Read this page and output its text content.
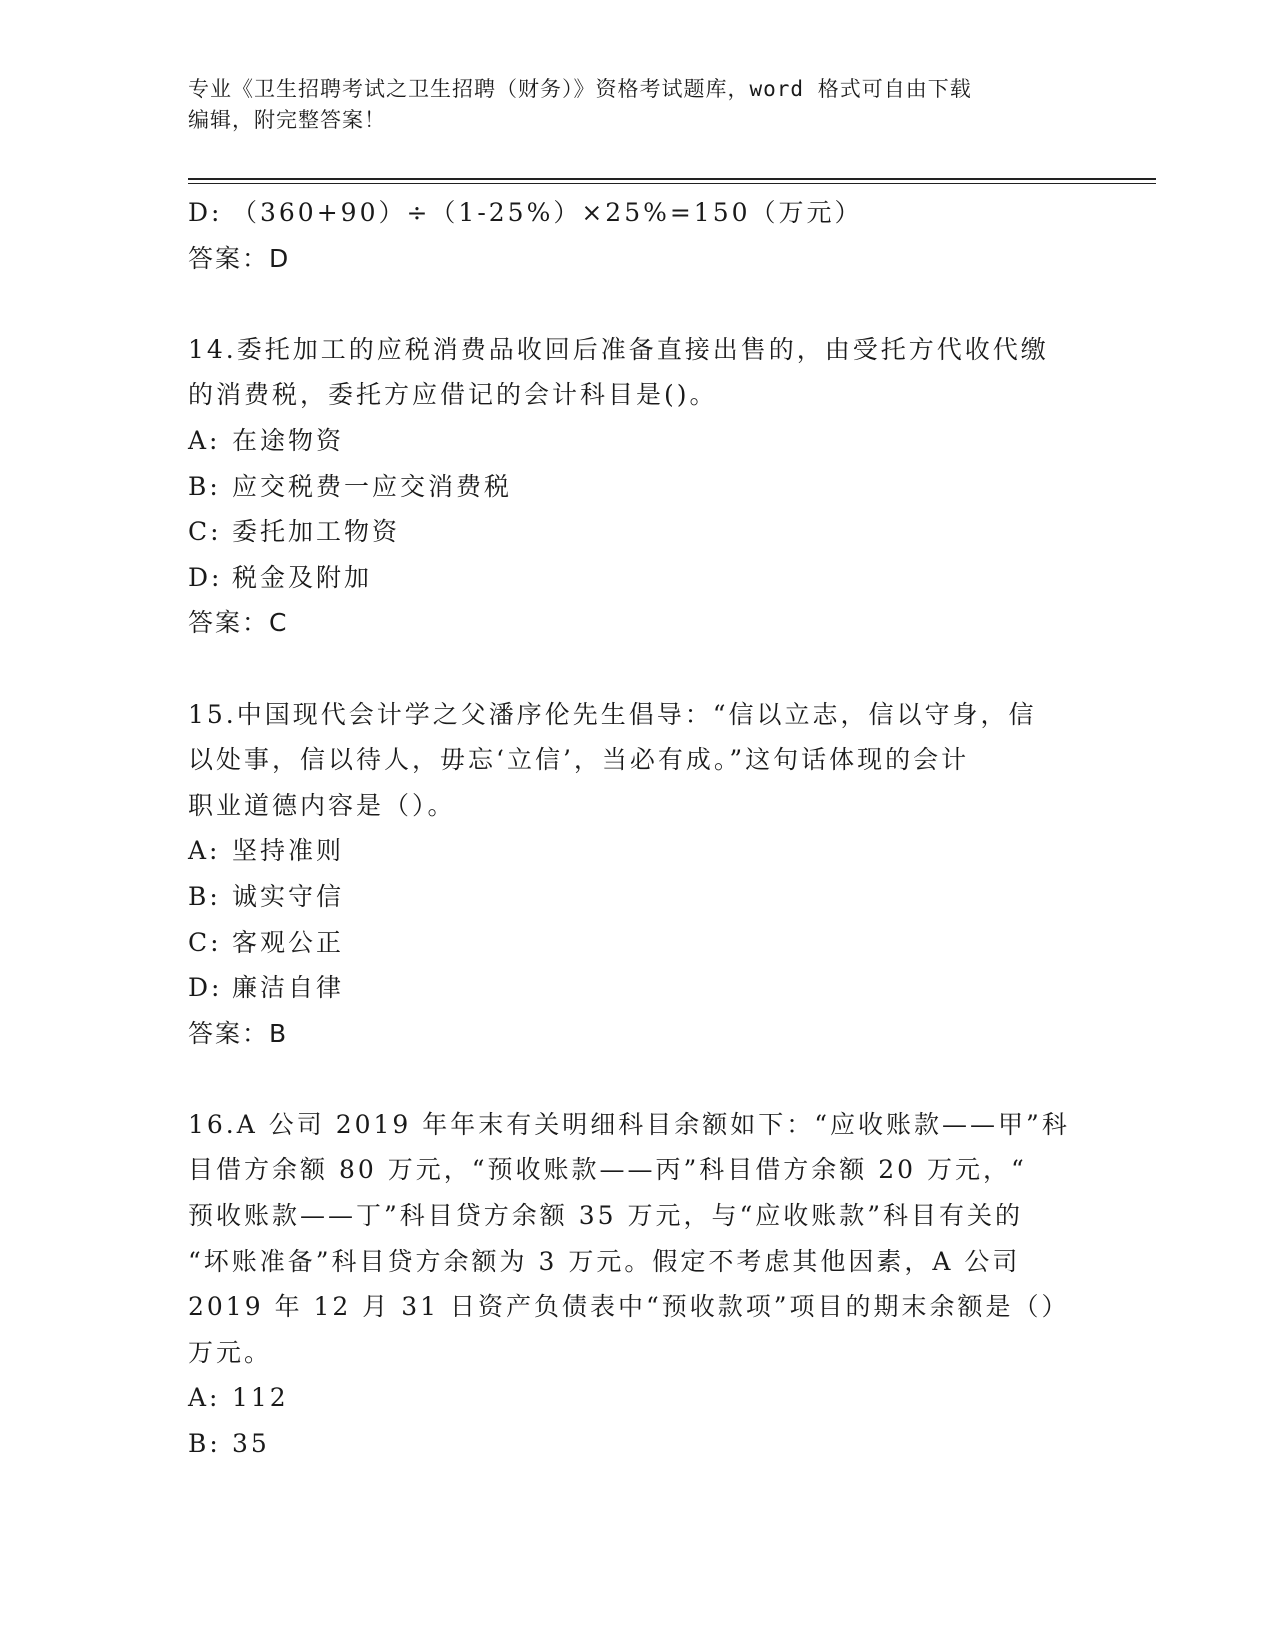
专业《卫生招聘考试之卫生招聘（财务）》资格考试题库，word 格式可自由下载
编辑，附完整答案！

D: （360+90）÷（1-25%）×25%=150（万元）

答案：D

14.委托加工的应税消费品收回后准备直接出售的，由受托方代收代缴

的消费税，委托方应借记的会计科目是()。

A: 在途物资

B: 应交税费一应交消费税

C: 委托加工物资

D: 税金及附加

答案：C

15.中国现代会计学之父潘序伦先生倡导：“信以立志，信以守身，信

以处事，信以待人，毋忘‘立信’，当必有成。”这句话体现的会计

职业道德内容是（）。

A: 坚持准则

B: 诚实守信

C: 客观公正

D: 廉洁自律

答案：B

16.A 公司 2019 年年末有关明细科目余额如下：“应收账款——甲”科

目借方余额 80 万元，“预收账款——丙”科目借方余额 20 万元，“

预收账款——丁”科目贷方余额 35 万元，与“应收账款”科目有关的

“坏账准备”科目贷方余额为 3 万元。假定不考虑其他因素，A 公司

2019 年 12 月 31 日资产负债表中“预收款项”项目的期末余额是（）

万元。

A: 112

B: 35
